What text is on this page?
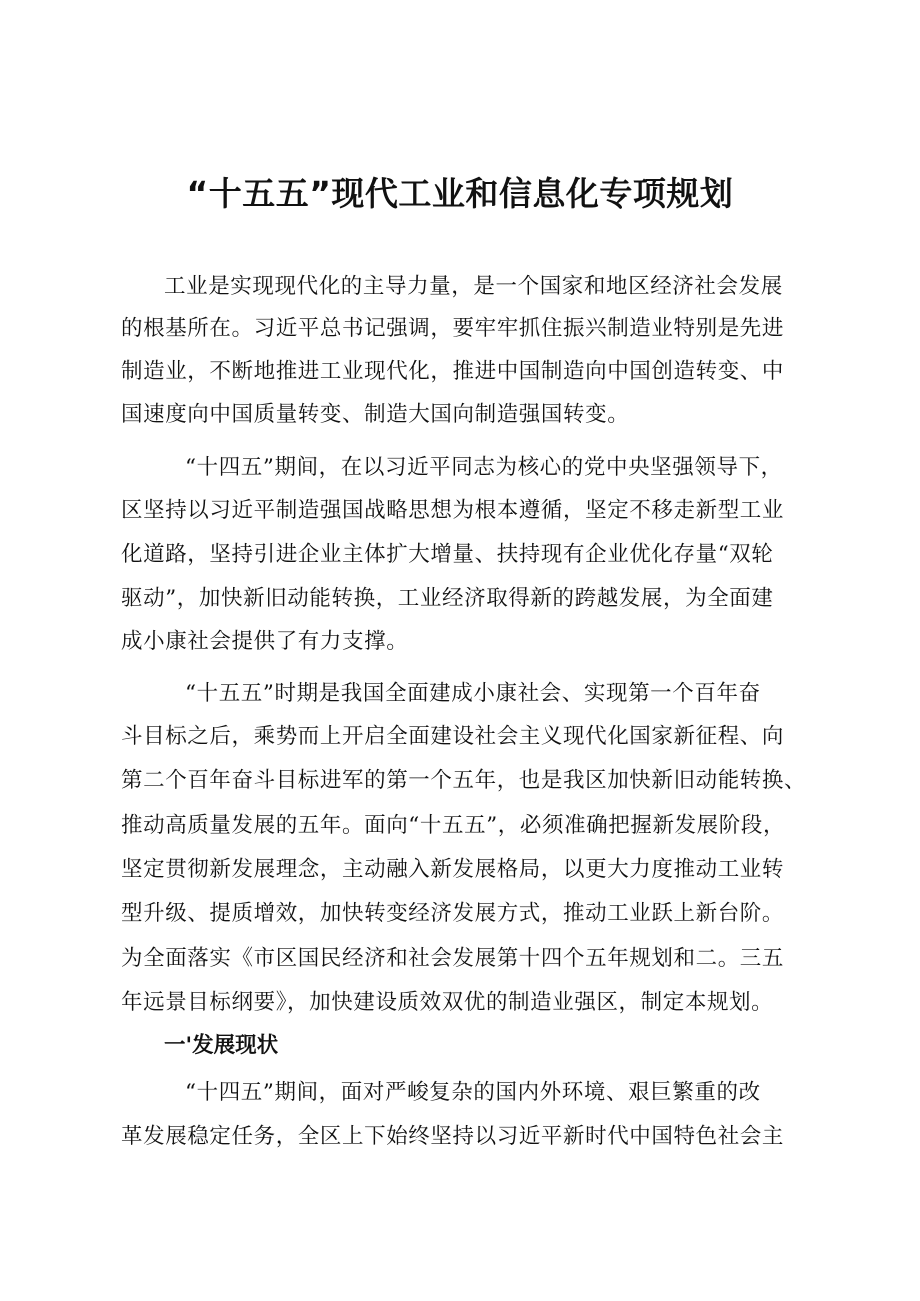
“十五五”现代工业和信息化专项规划
工业是实现现代化的主导力量，是一个国家和地区经济社会发展
的根基所在。习近平总书记强调，要牢牢抓住振兴制造业特别是先进
制造业，不断地推进工业现代化，推进中国制造向中国创造转变、中
国速度向中国质量转变、制造大国向制造强国转变。
“十四五”期间，在以习近平同志为核心的党中央坚强领导下，
区坚持以习近平制造强国战略思想为根本遵循，坚定不移走新型工业
化道路，坚持引进企业主体扩大增量、扶持现有企业优化存量“双轮
驱动”，加快新旧动能转换，工业经济取得新的跨越发展，为全面建
成小康社会提供了有力支撑。
“十五五”时期是我国全面建成小康社会、实现第一个百年奋
斗目标之后，乘势而上开启全面建设社会主义现代化国家新征程、向
第二个百年奋斗目标进军的第一个五年，也是我区加快新旧动能转换、
推动高质量发展的五年。面向“十五五”，必须准确把握新发展阶段，
坚定贯彻新发展理念，主动融入新发展格局，以更大力度推动工业转
型升级、提质增效，加快转变经济发展方式，推动工业跃上新台阶。
为全面落实《市区国民经济和社会发展第十四个五年规划和二。三五
年远景目标纲要》，加快建设质效双优的制造业强区，制定本规划。
一'发展现状
“十四五”期间，面对严峻复杂的国内外环境、艰巨繁重的改
革发展稳定任务，全区上下始终坚持以习近平新时代中国特色社会主
